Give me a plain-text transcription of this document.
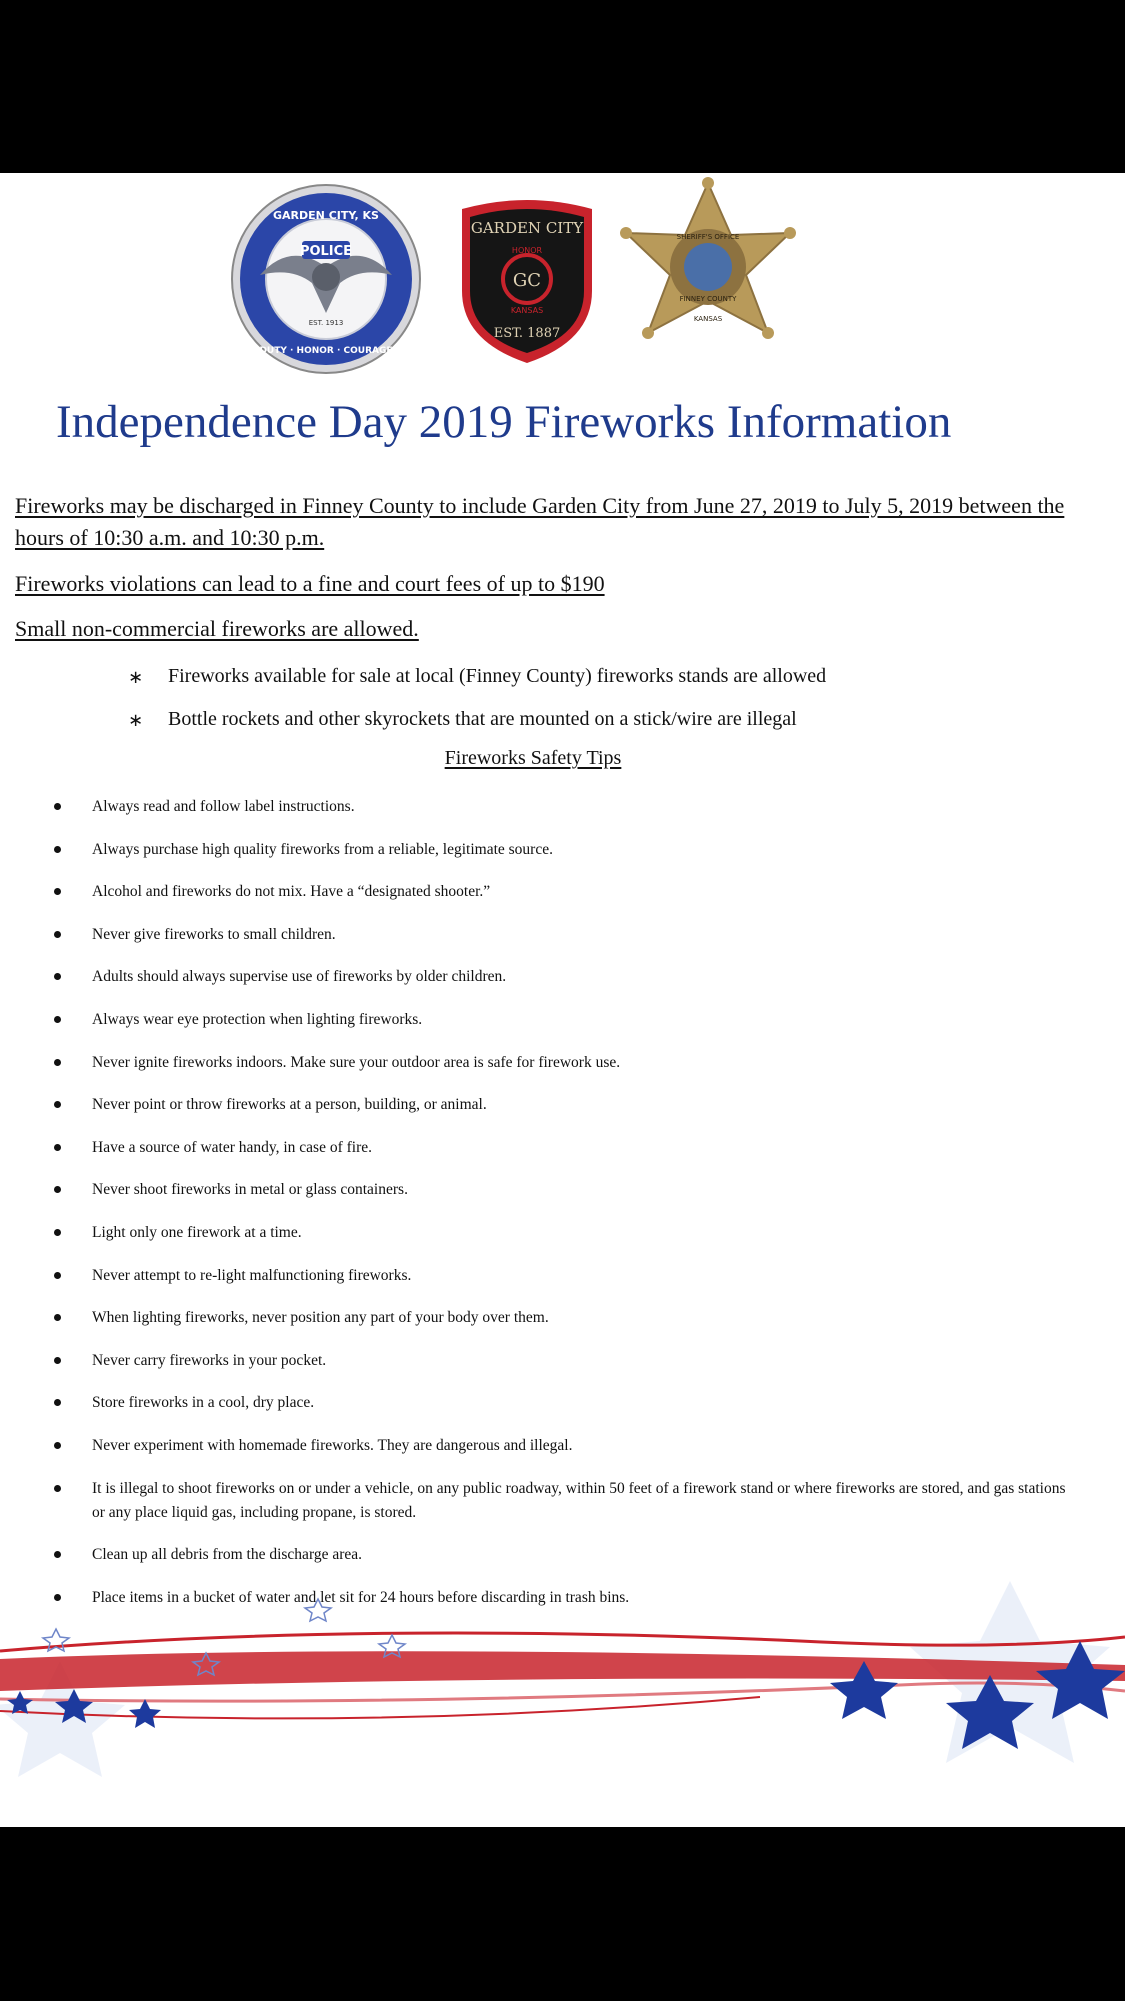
POLICE
GARDEN CITY, KS
DUTY · HONOR · COURAGE
EST. 1913
GARDEN CITY
HONOR
GC
KANSAS
EST. 1887
SHERIFF'S OFFICE
FINNEY COUNTY
KANSAS
Independence Day 2019 Fireworks Information

Fireworks may be discharged in Finney County to include Garden City from June 27, 2019 to July 5, 2019 between the hours of 10:30 a.m. and 10:30 p.m.

Fireworks violations can lead to a fine and court fees of up to $190

Small non-commercial fireworks are allowed.

∗ Fireworks available for sale at local (Finney County) fireworks stands are allowed
∗ Bottle rockets and other skyrockets that are mounted on a stick/wire are illegal
Fireworks Safety Tips
Always read and follow label instructions.
Always purchase high quality fireworks from a reliable, legitimate source.
Alcohol and fireworks do not mix. Have a “designated shooter.”
Never give fireworks to small children.
Adults should always supervise use of fireworks by older children.
Always wear eye protection when lighting fireworks.
Never ignite fireworks indoors. Make sure your outdoor area is safe for firework use.
Never point or throw fireworks at a person, building, or animal.
Have a source of water handy, in case of fire.
Never shoot fireworks in metal or glass containers.
Light only one firework at a time.
Never attempt to re-light malfunctioning fireworks.
When lighting fireworks, never position any part of your body over them.
Never carry fireworks in your pocket.
Store fireworks in a cool, dry place.
Never experiment with homemade fireworks. They are dangerous and illegal.
It is illegal to shoot fireworks on or under a vehicle, on any public roadway, within 50 feet of a firework stand or where fireworks are stored, and gas stations or any place liquid gas, including propane, is stored.
Clean up all debris from the discharge area.
Place items in a bucket of water and let sit for 24 hours before discarding in trash bins.
